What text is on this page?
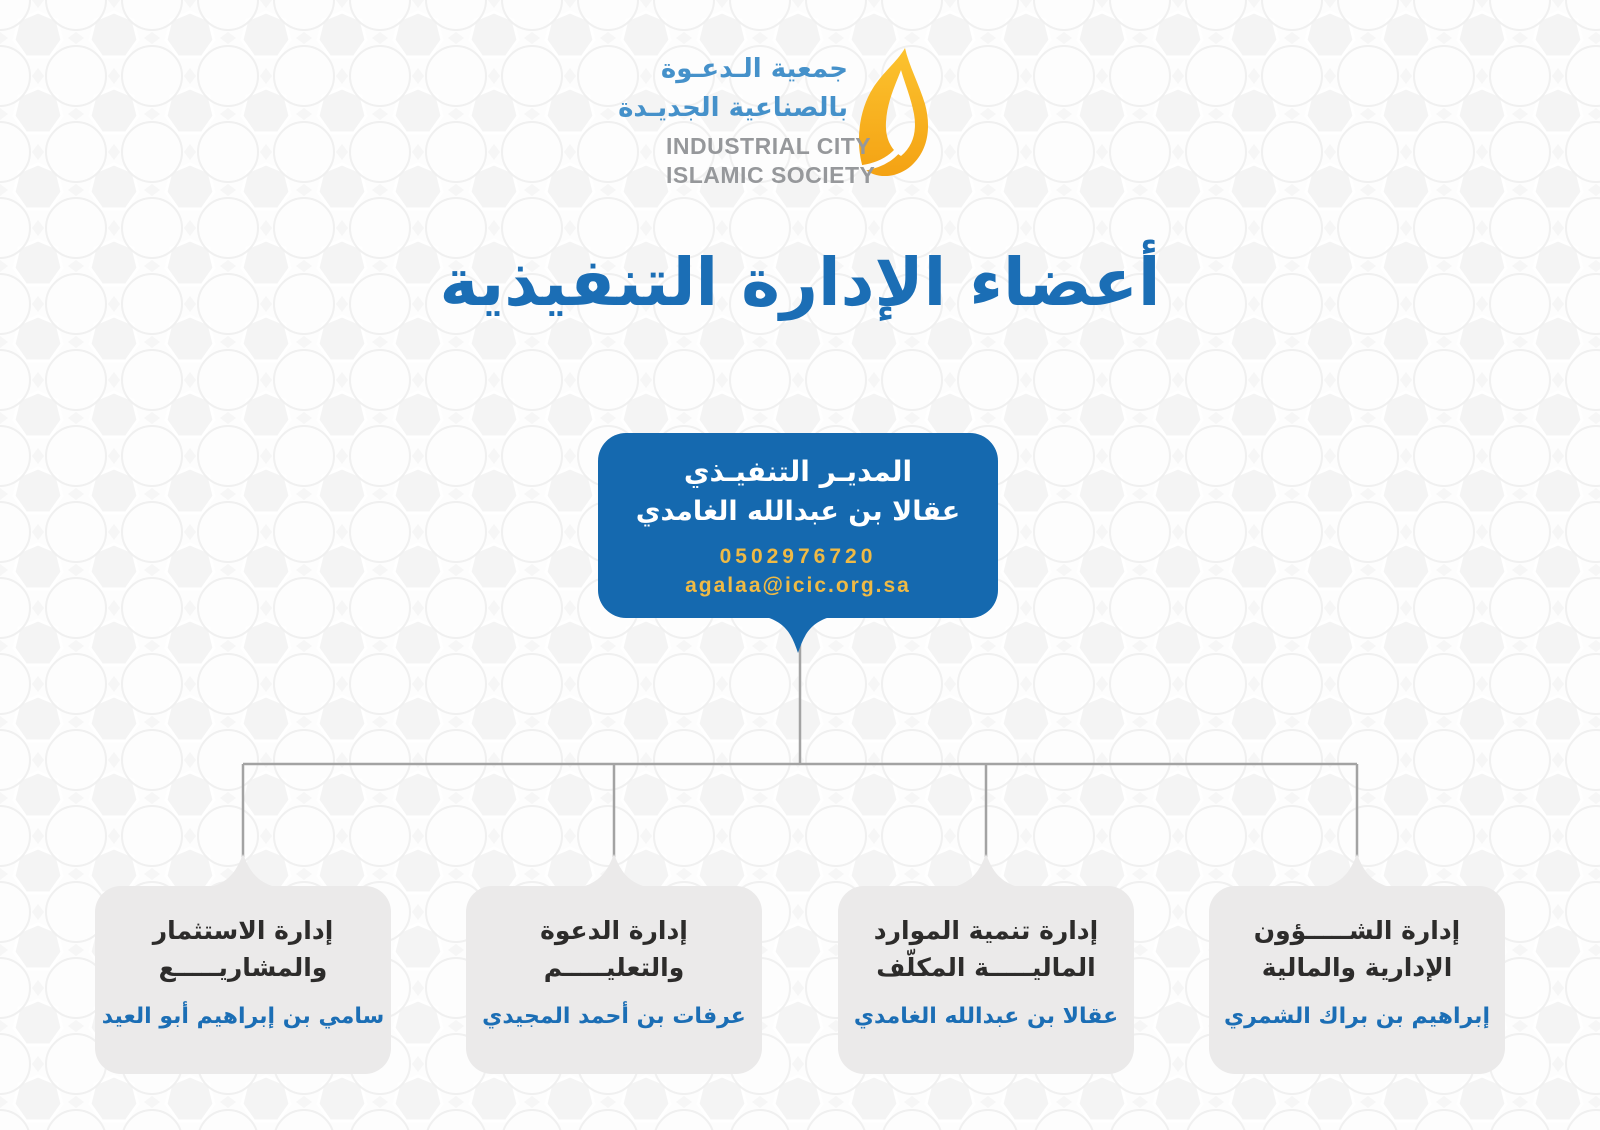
جمعية الـدعـوة
بالصناعية الجديـدة
INDUSTRIAL CITY
ISLAMIC SOCIETY
أعضاء الإدارة التنفيذية
المديـر التنفيـذي
عقالا بن عبدالله الغامدي
0502976720
agalaa@icic.org.sa
إدارة الاستثمار
والمشاريـــــع
سامي بن إبراهيم أبو العيد
إدارة الدعوة
والتعليـــــم
عرفات بن أحمد المجيدي
إدارة تنمية الموارد
الماليـــــة المكلّف
عقالا بن عبدالله الغامدي
إدارة الشـــــؤون
الإدارية والمالية
إبراهيم بن براك الشمري
